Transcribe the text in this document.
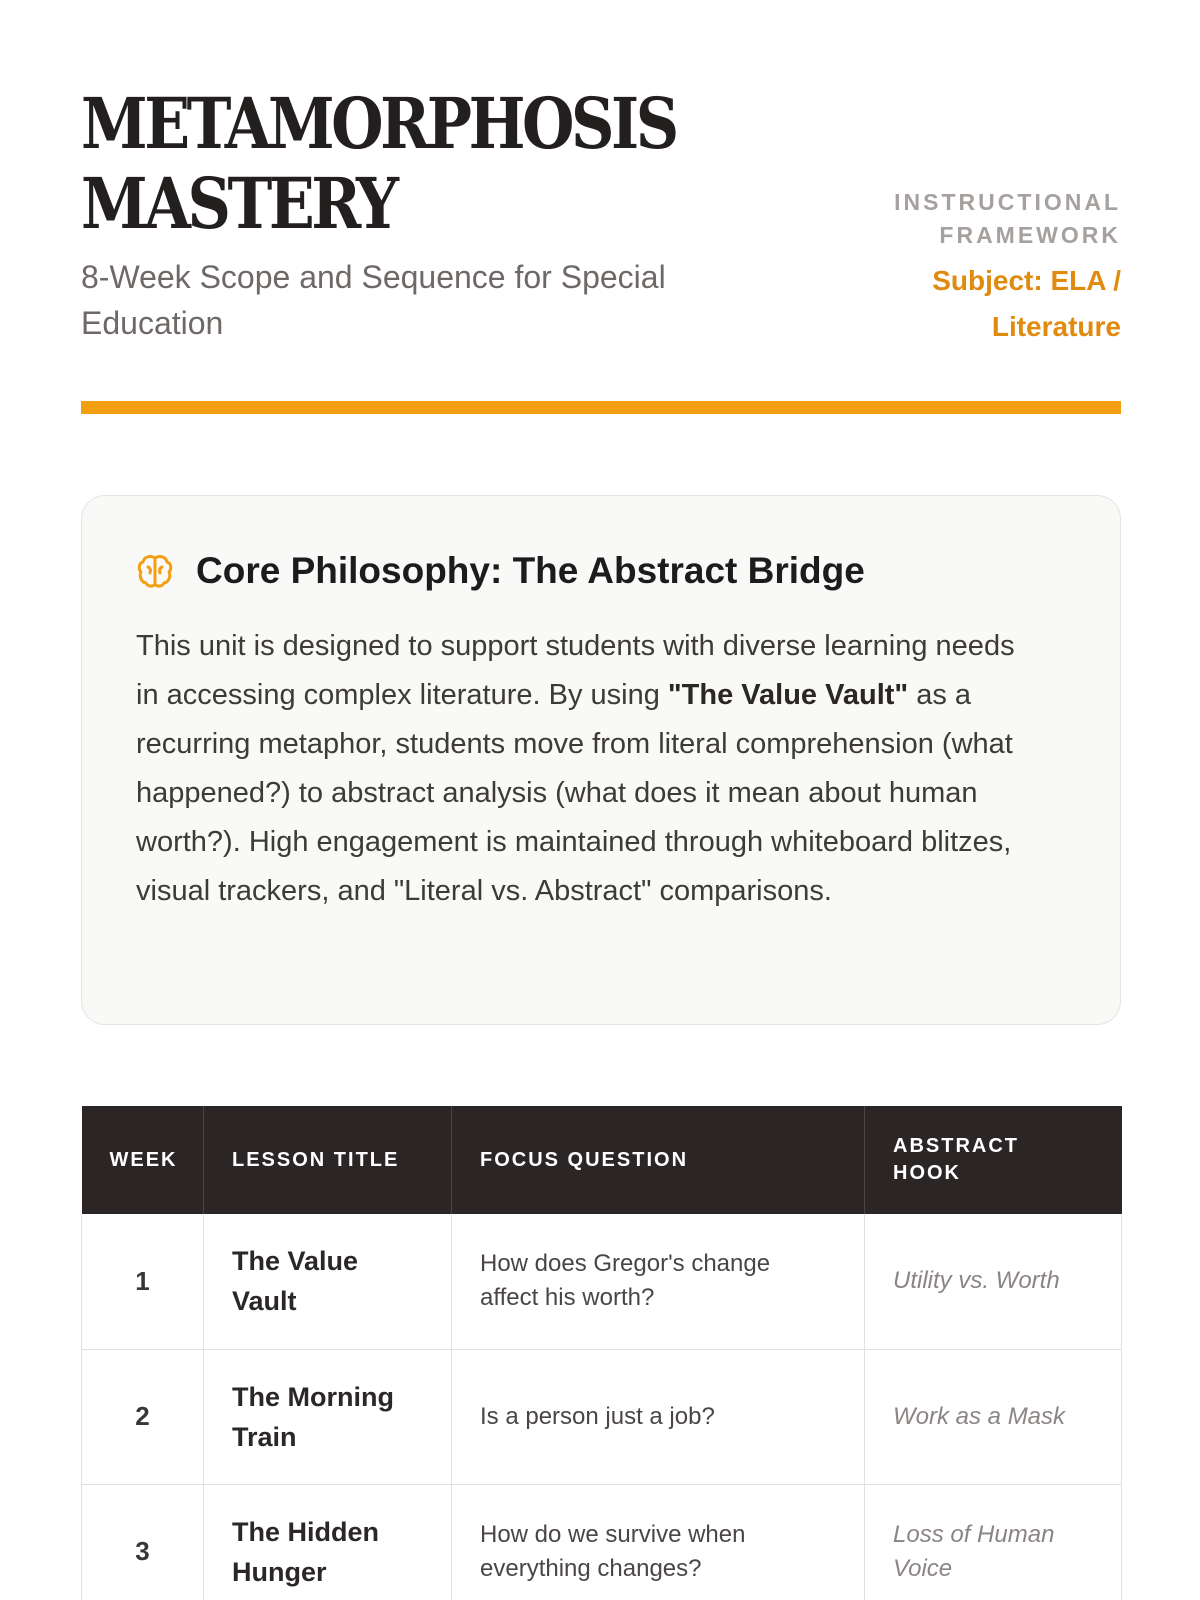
METAMORPHOSIS
MASTERY
8-Week Scope and Sequence for Special Education
INSTRUCTIONAL
FRAMEWORK
Subject: ELA /
Literature
Core Philosophy: The Abstract Bridge

This unit is designed to support students with diverse learning needs in accessing complex literature. By using "The Value Vault" as a recurring metaphor, students move from literal comprehension (what happened?) to abstract analysis (what does it mean about human worth?). High engagement is maintained through whiteboard blitzes, visual trackers, and "Literal vs. Abstract" comparisons.

WEEK	LESSON TITLE	FOCUS QUESTION	ABSTRACT HOOK
1	The Value Vault	How does Gregor's change affect his worth?	Utility vs. Worth

2	The Morning Train	Is a person just a job?	Work as a Mask

3	The Hidden Hunger	How do we survive when everything changes?	Loss of Human Voice
